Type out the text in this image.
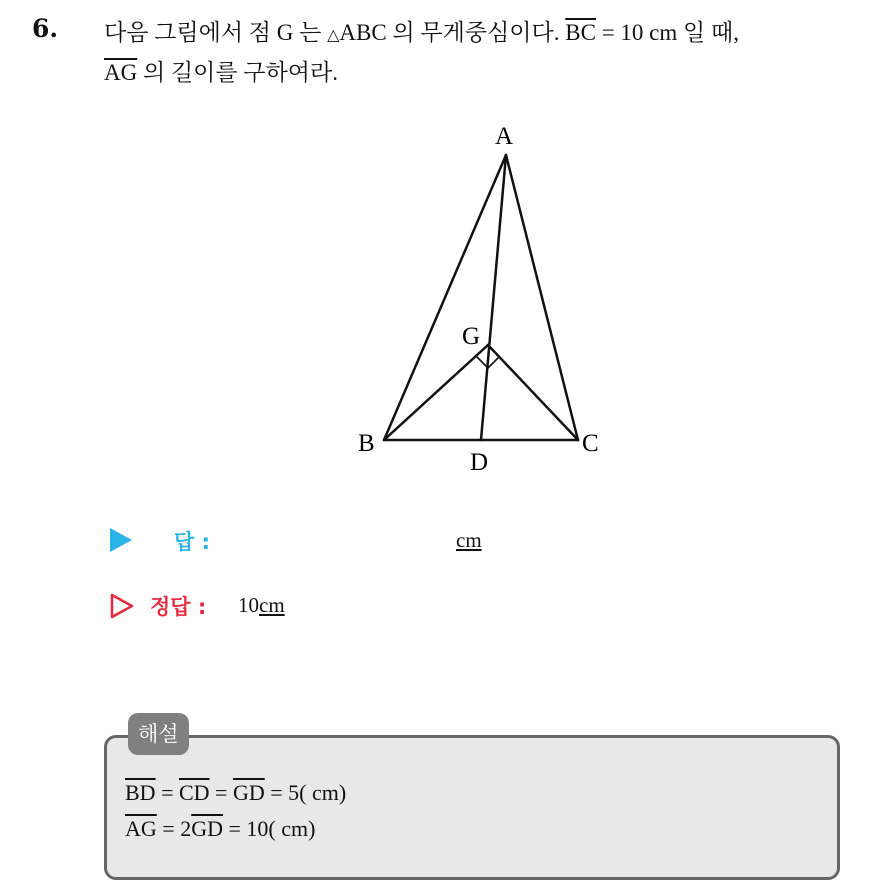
6. 다음 그림에서 점 G 는 △ABC 의 무게중심이다. $\overline{BC} = 10$ cm 일 때,
$\overline{AG}$ 의 길이를 구하여라.
A
G
B	C
D
답 :	cm
정답 : 10cm
$\overline{BD} = \overline{CD} = \overline{GD} = 5$( cm)
$\overline{AG} = 2\overline{GD} = 10$( cm)
해설
